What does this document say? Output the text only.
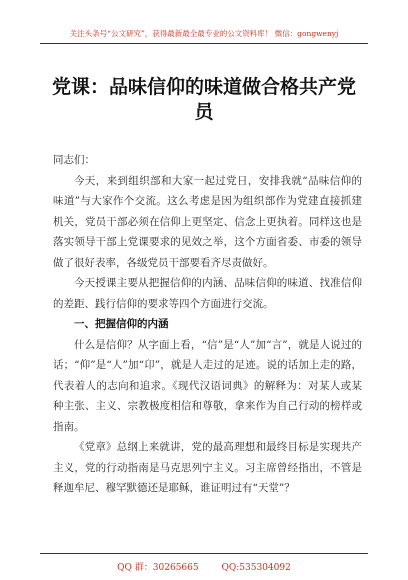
关注头条号“公文研究”，获得最新最全最专业的公文资料库！ 微信：gongwenyj
党课：品味信仰的味道做合格共产党员

同志们：

今天，来到组织部和大家一起过党日，安排我就“品味信仰的味道”与大家作个交流。这么考虑是因为组织部作为党建直接抓建机关，党员干部必须在信仰上更坚定、信念上更执着。同样这也是落实领导干部上党课要求的见效之举，这个方面省委、市委的领导做了很好表率，各级党员干部要看齐尽责做好。

今天授课主要从把握信仰的内涵、品味信仰的味道、找准信仰的差距、践行信仰的要求等四个方面进行交流。

一、把握信仰的内涵

什么是信仰？从字面上看，“信”是“人”加“言”，就是人说过的话；“仰”是“人”加“卬”，就是人走过的足迹。说的话加上走的路，代表着人的志向和追求。《现代汉语词典》的解释为：对某人或某种主张、主义、宗教极度相信和尊敬，拿来作为自己行动的榜样或指南。

《党章》总纲上来就讲，党的最高理想和最终目标是实现共产主义，党的行动指南是马克思列宁主义。习主席曾经指出，不管是释迦牟尼、穆罕默德还是耶稣，谁证明过有“天堂”？

QQ 群：30265665	QQ:535304092
